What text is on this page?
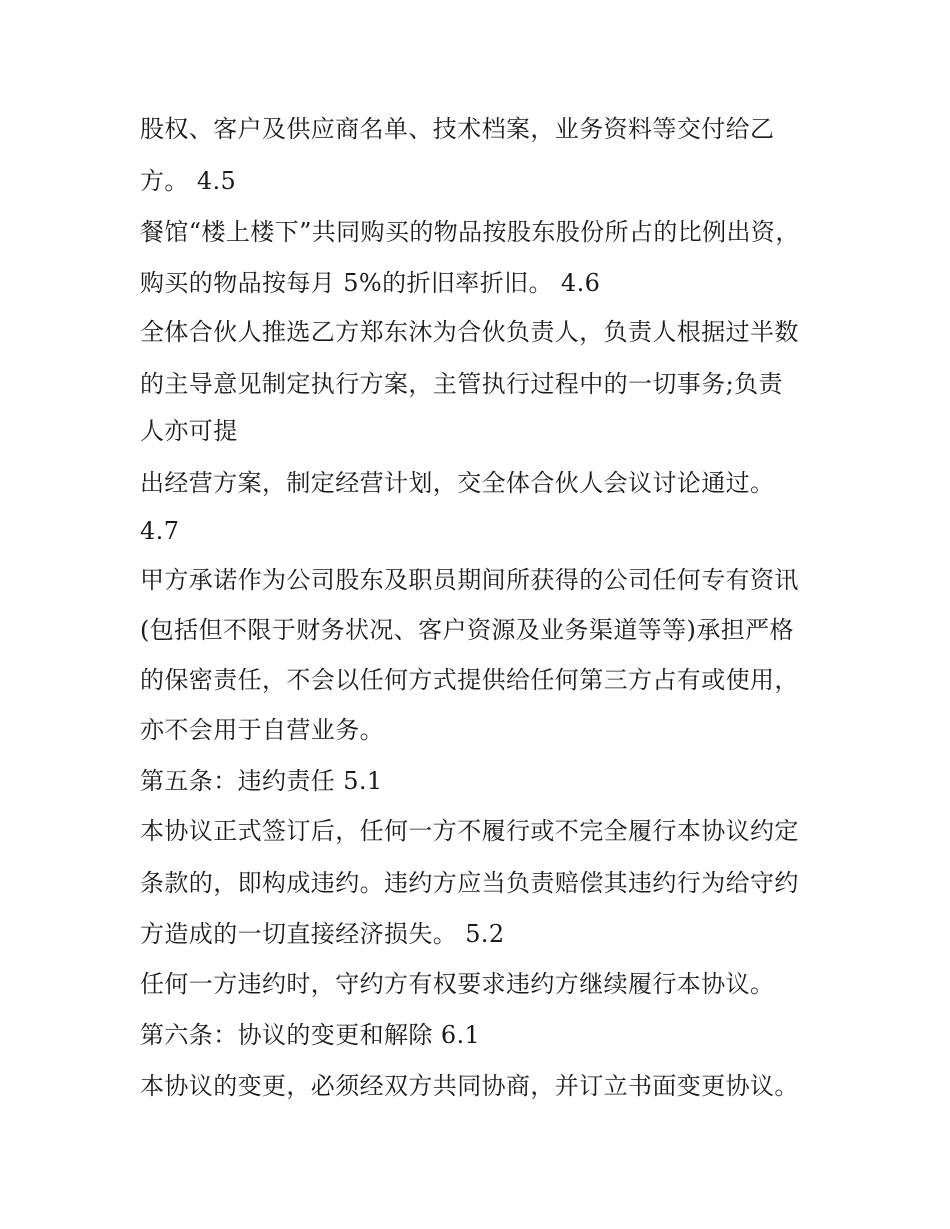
股权、客户及供应商名单、技术档案，业务资料等交付给乙
方。 4.5
餐馆“楼上楼下”共同购买的物品按股东股份所占的比例出资，
购买的物品按每月 5%的折旧率折旧。 4.6
全体合伙人推选乙方郑东沐为合伙负责人，负责人根据过半数
的主导意见制定执行方案，主管执行过程中的一切事务;负责
人亦可提
出经营方案，制定经营计划，交全体合伙人会议讨论通过。
4.7
甲方承诺作为公司股东及职员期间所获得的公司任何专有资讯
(包括但不限于财务状况、客户资源及业务渠道等等)承担严格
的保密责任，不会以任何方式提供给任何第三方占有或使用，
亦不会用于自营业务。
第五条：违约责任 5.1
本协议正式签订后，任何一方不履行或不完全履行本协议约定
条款的，即构成违约。违约方应当负责赔偿其违约行为给守约
方造成的一切直接经济损失。 5.2
任何一方违约时，守约方有权要求违约方继续履行本协议。
第六条：协议的变更和解除 6.1
本协议的变更，必须经双方共同协商，并订立书面变更协议。
